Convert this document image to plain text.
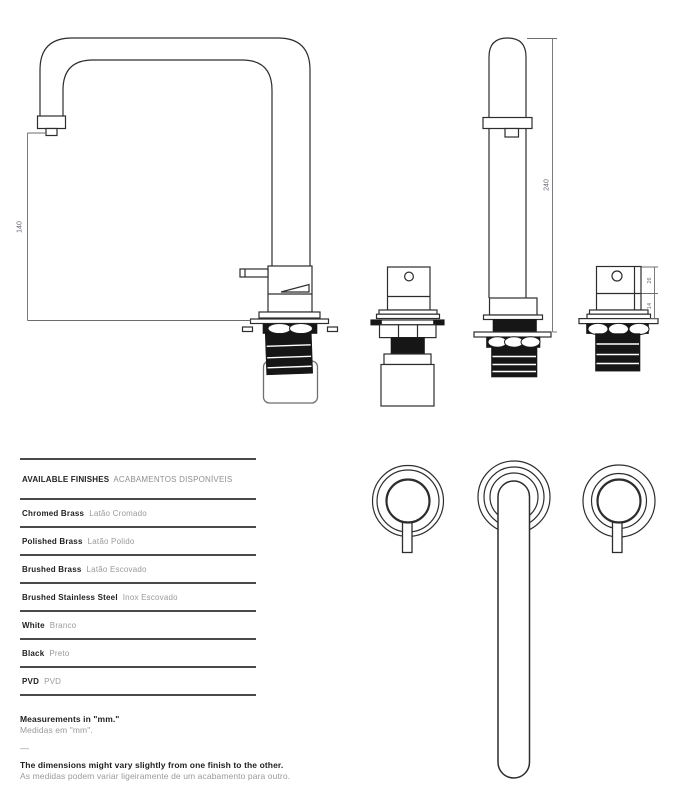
140
240
26
14
AVAILABLE FINISHES ACABAMENTOS DISPONÍVEIS
Chromed Brass Latão Cromado
Polished Brass Latão Polido
Brushed Brass Latão Escovado
Brushed Stainless Steel Inox Escovado
White Branco
Black Preto
PVD PVD
Measurements in "mm."
Medidas em "mm".
—
The dimensions might vary slightly from one finish to the other.
As medidas podem variar ligeiramente de um acabamento para outro.
